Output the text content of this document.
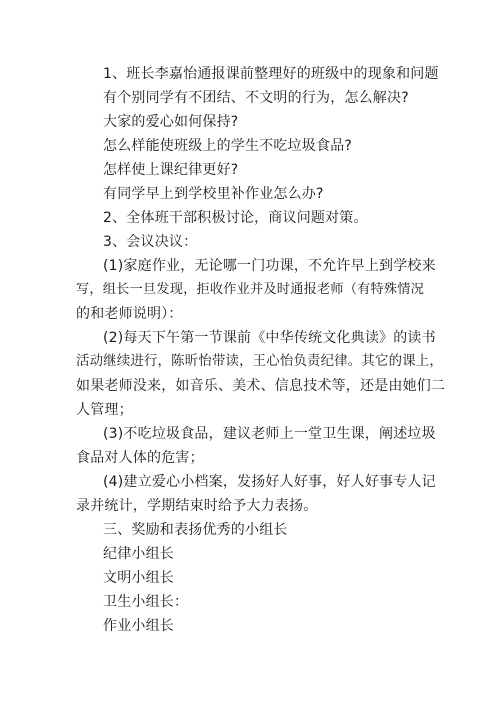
1、班长李嘉怡通报课前整理好的班级中的现象和问题
有个别同学有不团结、不文明的行为，怎么解决?
大家的爱心如何保持?
怎么样能使班级上的学生不吃垃圾食品?
怎样使上课纪律更好?
有同学早上到学校里补作业怎么办?
2、全体班干部积极讨论，商议问题对策。
3、会议决议：
(1)家庭作业，无论哪一门功课，不允许早上到学校来
写，组长一旦发现，拒收作业并及时通报老师（有特殊情况
的和老师说明）：
(2)每天下午第一节课前《中华传统文化典读》的读书
活动继续进行，陈昕怡带读，王心怡负责纪律。其它的课上，
如果老师没来，如音乐、美术、信息技术等，还是由她们二
人管理；
(3)不吃垃圾食品，建议老师上一堂卫生课，阐述垃圾
食品对人体的危害；
(4)建立爱心小档案，发扬好人好事，好人好事专人记
录并统计，学期结束时给予大力表扬。
三、奖励和表扬优秀的小组长
纪律小组长
文明小组长
卫生小组长：
作业小组长
